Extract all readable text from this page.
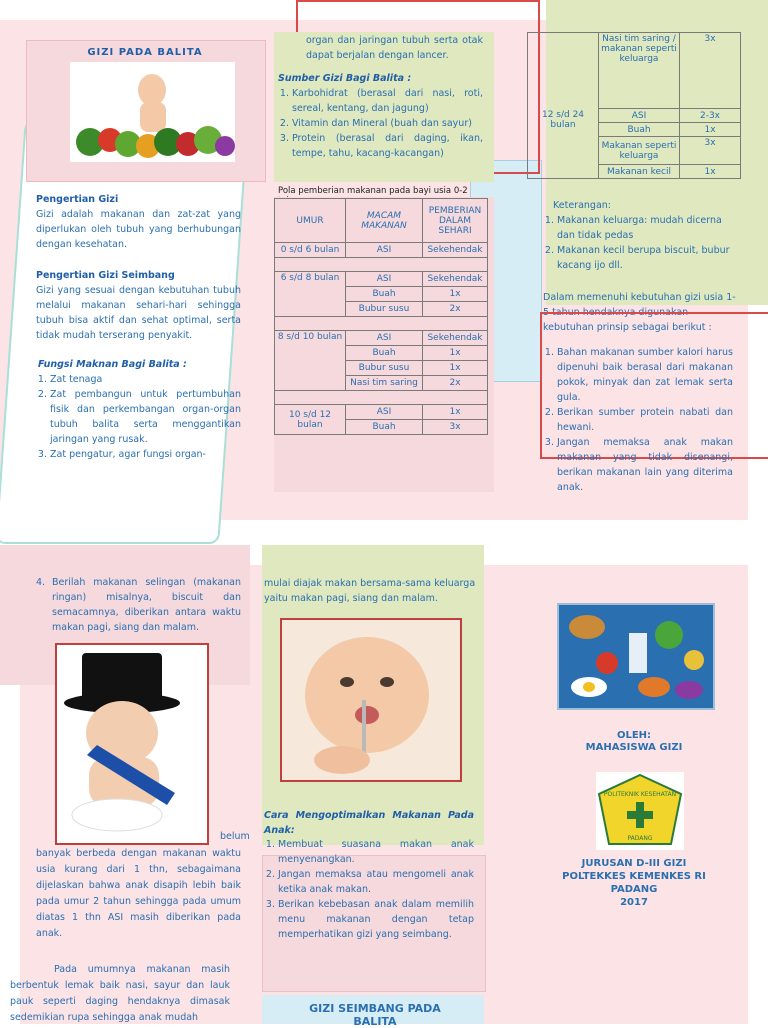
GIZI PADA BALITA
Pengertian Gizi
Gizi adalah makanan dan zat-zat yang diperlukan oleh tubuh yang berhubungan dengan kesehatan.
Pengertian Gizi Seimbang
Gizi yang sesuai dengan kebutuhan tubuh melalui makanan sehari-hari sehingga tubuh bisa aktif dan sehat optimal, serta tidak mudah terserang penyakit.
Fungsi Maknan Bagi Balita :
1. Zat tenaga
2. Zat pembangun untuk pertumbuhan fisik dan perkembangan organ-organ tubuh balita serta menggantikan jaringan yang rusak.
3. Zat pengatur, agar fungsi organ-
organ dan jaringan tubuh serta otak dapat berjalan dengan lancer.
Sumber Gizi Bagi Balita :
1. Karbohidrat (berasal dari nasi, roti, sereal, kentang, dan jagung)
2. Vitamin dan Mineral (buah dan sayur)
3. Protein (berasal dari daging, ikan, tempe, tahu, kacang-kacangan)
Pola pemberian makanan pada bayi usia 0-2
UMUR	MACAM MAKANAN	PEMBERIAN DALAM SEHARI
0 s/d 6 bulan	ASI	Sekehendak

6 s/d 8 bulan	ASI	Sekehendak
	Buah	1x
	Bubur susu	2x

8 s/d 10 bulan	ASI	Sekehendak
	Buah	1x
	Bubur susu	1x
	Nasi tim saring	2x

10 s/d 12 bulan	ASI	1x
	Buah	3x
	Nasi tim saring / makanan seperti keluarga	3x
12 s/d 24 bulan	ASI	2-3x
	Buah	1x
	Makanan seperti keluarga	3x
	Makanan kecil	1x
Keterangan:
1. Makanan keluarga: mudah dicerna dan tidak pedas
2. Makanan kecil berupa biscuit, bubur kacang ijo dll.
Dalam memenuhi kebutuhan gizi usia 1-5 tahun hendaknya digunakan kebutuhan prinsip sebagai berikut :
1. Bahan makanan sumber kalori harus dipenuhi baik berasal dari makanan pokok, minyak dan zat lemak serta gula.
2. Berikan sumber protein nabati dan hewani.
3. Jangan memaksa anak makan makanan yang tidak disenangi, berikan makanan lain yang diterima anak.
4. Berilah makanan selingan (makanan ringan) misalnya, biscuit dan semacamnya, diberikan antara waktu makan pagi, siang dan malam.
belum
banyak berbeda dengan makanan waktu usia kurang dari 1 thn, sebagaimana dijelaskan bahwa anak disapih lebih baik pada umur 2 tahun sehingga pada umum diatas 1 thn ASI masih diberikan pada anak.
Pada umumnya makanan masih berbentuk lemak baik nasi, sayur dan lauk pauk seperti daging hendaknya dimasak sedemikian rupa sehingga anak mudah
mulai diajak makan bersama-sama keluarga yaitu makan pagi, siang dan malam.
Cara Mengoptimalkan Makanan Pada Anak:
1. Membuat suasana makan anak menyenangkan.
2. Jangan memaksa atau mengomeli anak ketika anak makan.
3. Berikan kebebasan anak dalam memilih menu makanan dengan tetap memperhatikan gizi yang seimbang.
GIZI SEIMBANG PADA BALITA
OLEH:
MAHASISWA GIZI
POLITEKNIK KESEHATAN
PADANG
JURUSAN D-III GIZI
POLTEKKES KEMENKES RI
PADANG
2017
